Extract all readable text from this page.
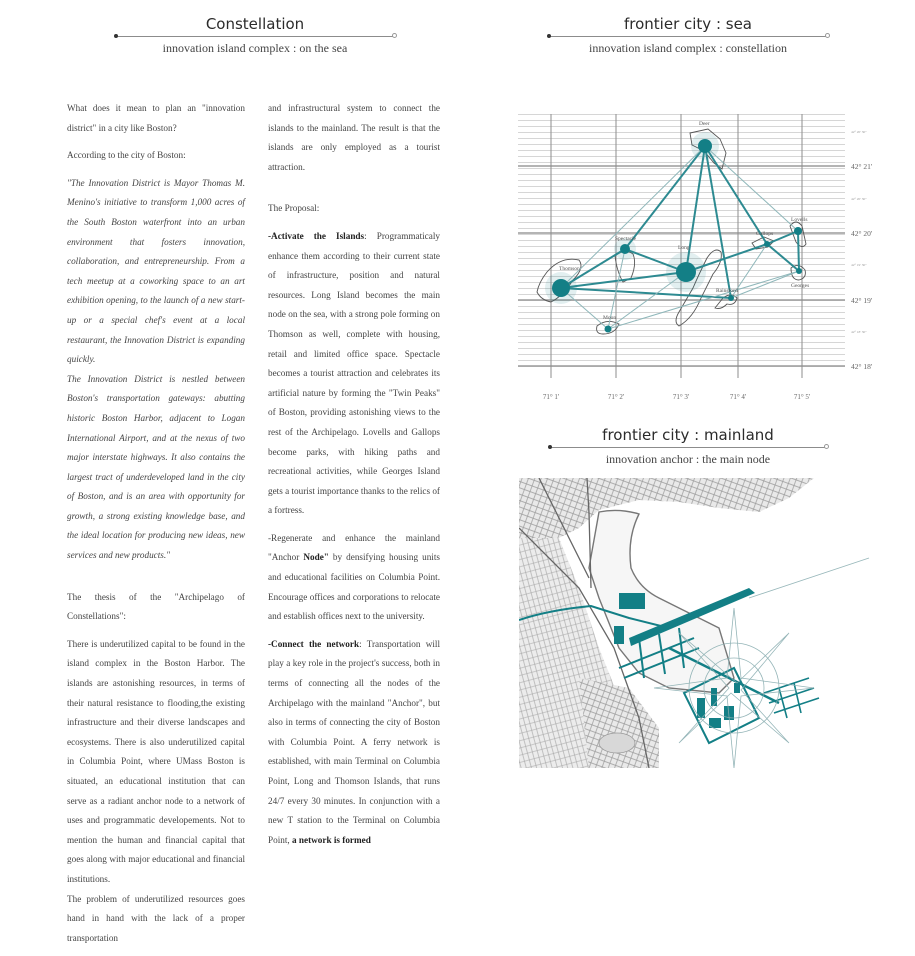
Constellation
innovation island complex : on the sea
frontier city : sea
innovation island complex : constellation

What does it mean to plan an "innovation district" in a city like Boston?

According to the city of Boston:

"The Innovation District is Mayor Thomas M. Menino's initiative to transform 1,000 acres of the South Boston waterfront into an urban environment that fosters innovation, collaboration, and entrepreneurship. From a tech meetup at a coworking space to an art exhibition opening, to the launch of a new start-up or a special chef's event at a local restaurant, the Innovation District is expanding quickly.

The Innovation District is nestled between Boston's transportation gateways: abutting historic Boston Harbor, adjacent to Logan International Airport, and at the nexus of two major interstate highways. It also contains the largest tract of underdeveloped land in the city of Boston, and is an area with opportunity for growth, a strong existing knowledge base, and the ideal location for producing new ideas, new services and new products."

The thesis of the "Archipelago of Constellations":

There is underutilized capital to be found in the island complex in the Boston Harbor. The islands are astonishing resources, in terms of their natural resistance to flooding,the existing infrastructure and their diverse landscapes and ecosystems. There is also underutilized capital in Columbia Point, where UMass Boston is situated, an educational institution that can serve as a radiant anchor node to a network of uses and programmatic developements. Not to mention the human and financial capital that goes along with major educational and financial institutions.

The problem of underutilized resources goes hand in hand with the lack of a proper transportation

and infrastructural system to connect the islands to the mainland. The result is that the islands are only employed as a tourist attraction.

The Proposal:

-Activate the Islands: Programmaticaly enhance them according to their current state of infrastructure, position and natural resources. Long Island becomes the main node on the sea, with a strong pole forming on Thomson as well, complete with housing, retail and limited office space. Spectacle becomes a tourist attraction and celebrates its artificial nature by forming the "Twin Peaks" of Boston, providing astonishing views to the rest of the Archipelago. Lovells and Gallops become parks, with hiking paths and recreational activities, while Georges Island gets a tourist importance thanks to the relics of a fortress.

-Regenerate and enhance the mainland "Anchor Node" by densifying housing units and educational facilities on Columbia Point. Encourage offices and corporations to relocate and establish offices next to the university.

-Connect the network: Transportation will play a key role in the project's success, both in terms of connecting all the nodes of the Archipelago with the mainland "Anchor", but also in terms of connecting the city of Boston with Columbia Point. A ferry network is established, with main Terminal on Columbia Point, Long and Thomson Islands, that runs 24/7 every 30 minutes. In conjunction with a new T station to the Terminal on Columbia Point, a network is formed

Deer
Spectacle
Long
Gallops
Lovells
Thomson
Rainsford
Georges
Moon
42° 21'
42° 20'
42° 19'
42° 18'
42° 20' 30"
42° 20' 30"
42° 19' 30"
42° 18' 30"
71° 1'	71° 2'	71° 3'	71° 4'	71° 5'
frontier city : mainland
innovation anchor : the main node
